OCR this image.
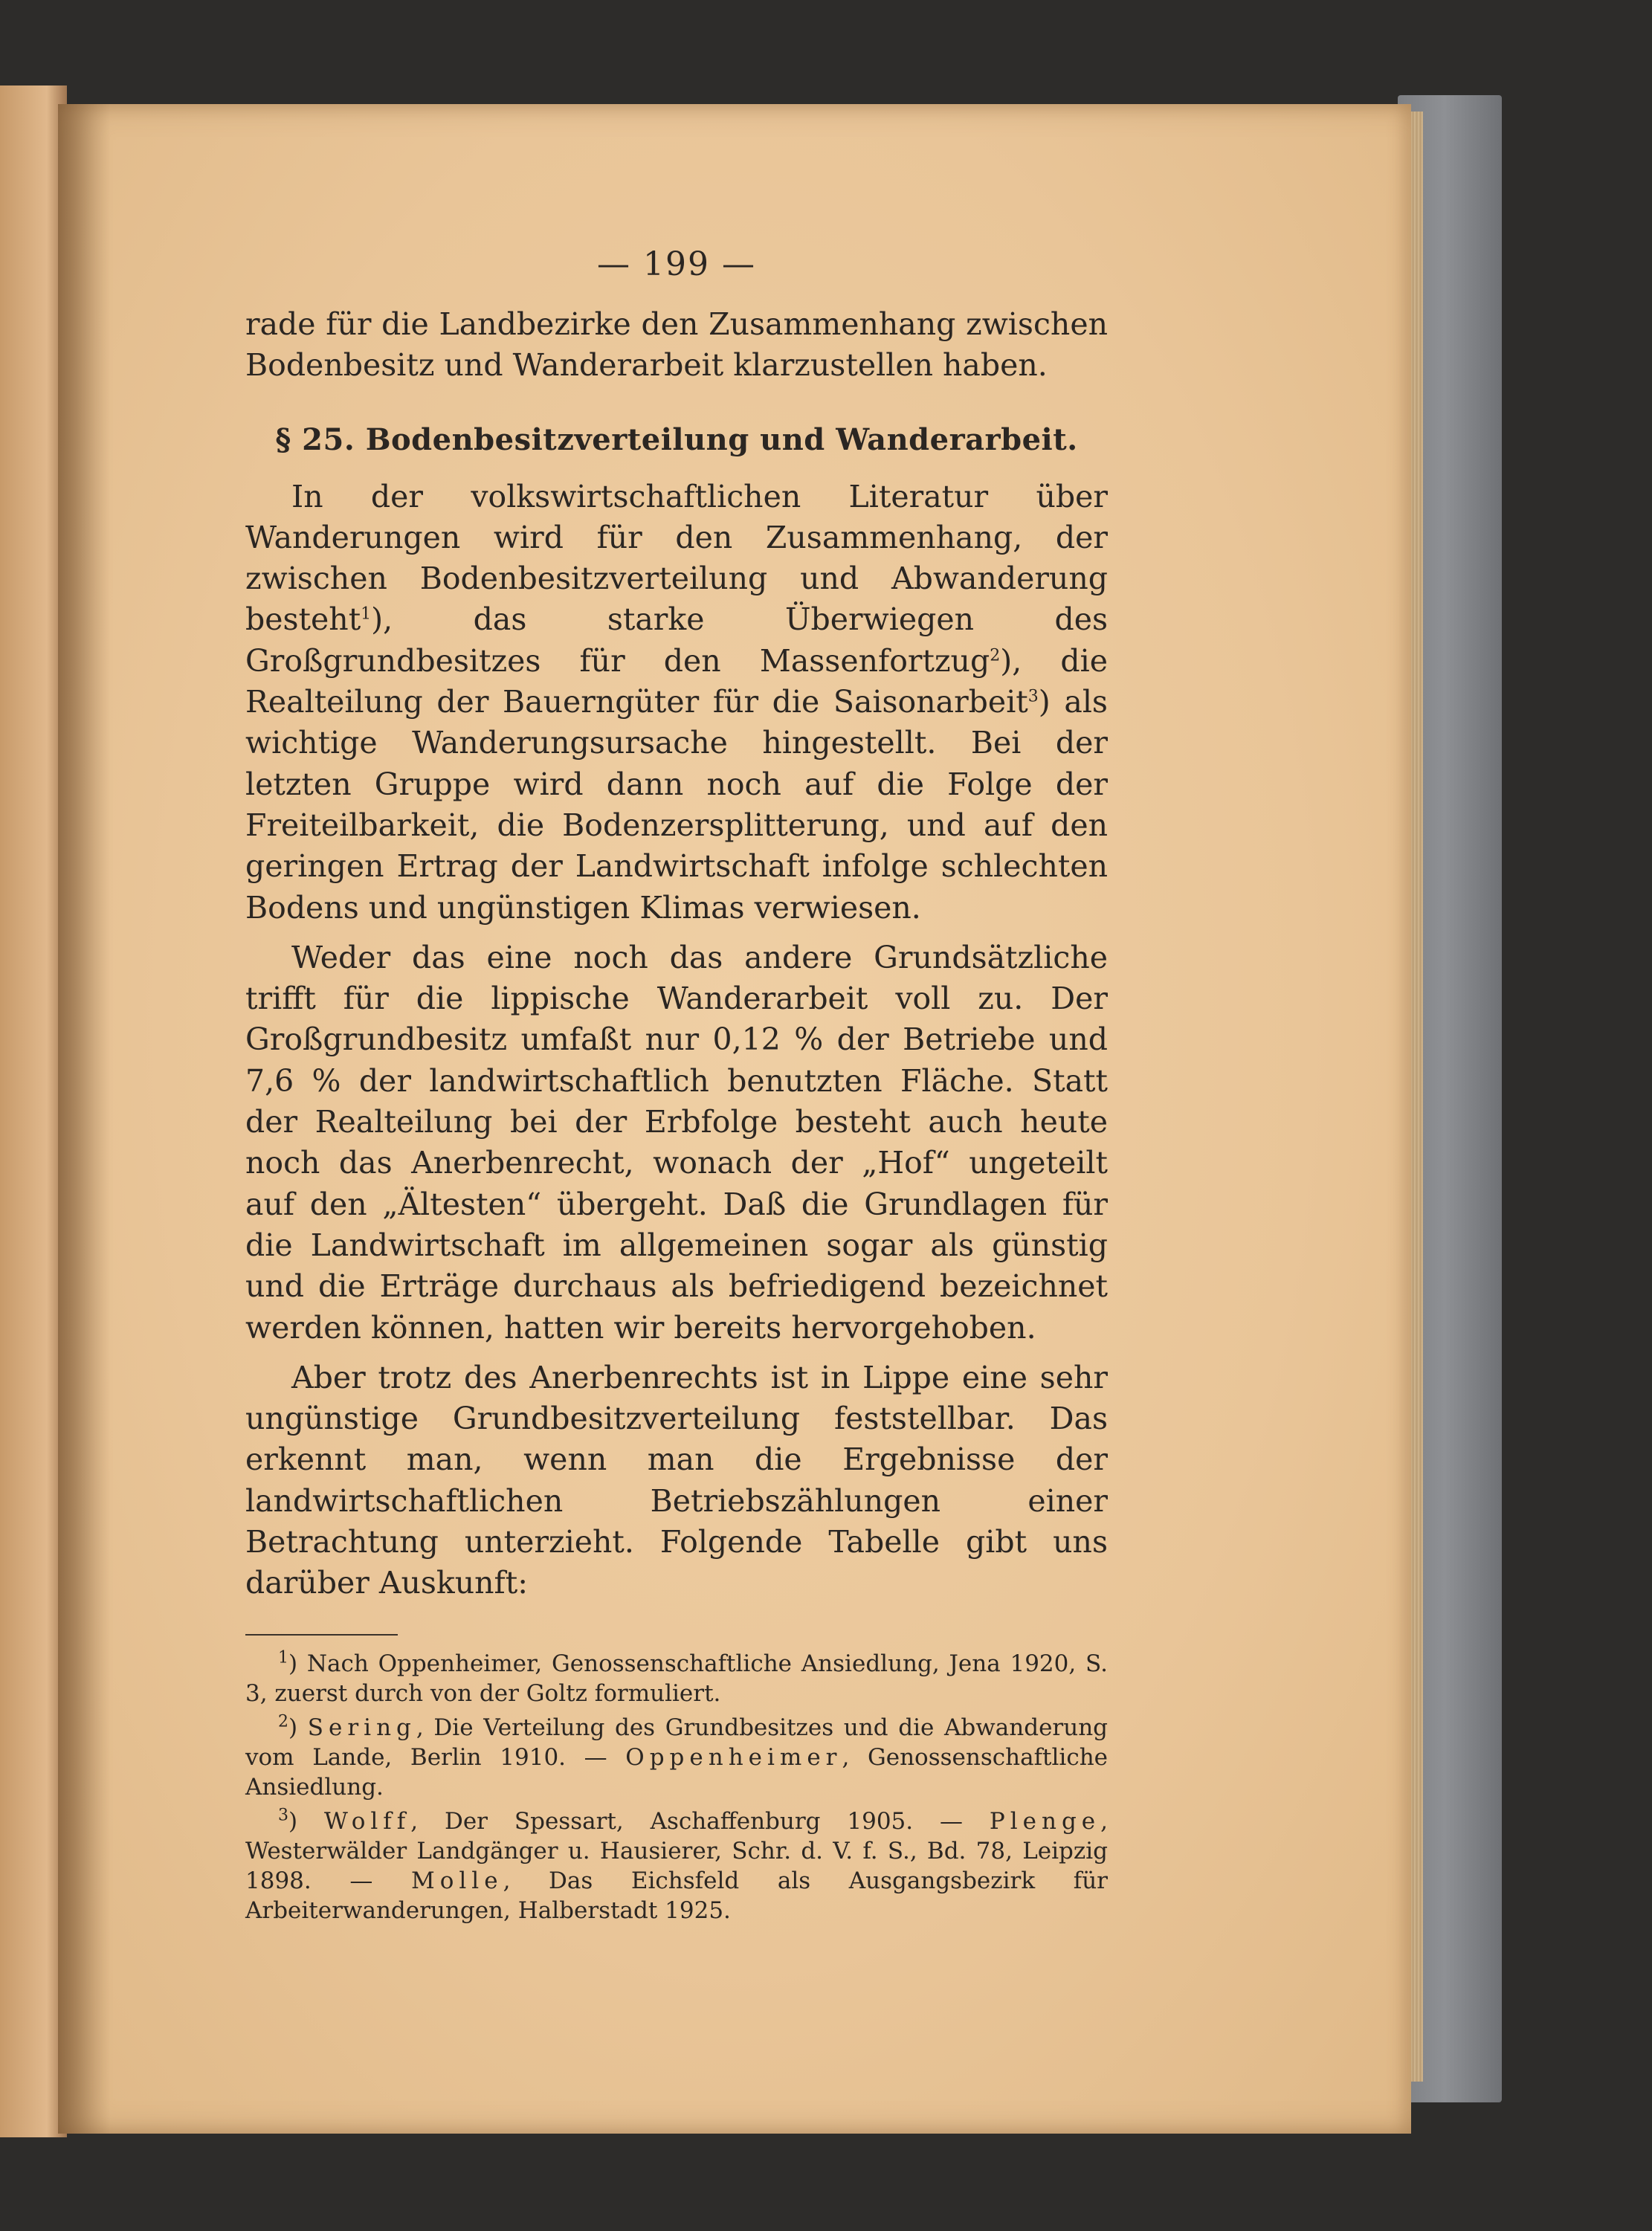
— 199 —

rade für die Landbezirke den Zusammenhang zwischen Bodenbesitz und Wanderarbeit klarzustellen haben.

§ 25. Bodenbesitzverteilung und Wanderarbeit.

In der volkswirtschaftlichen Literatur über Wanderungen wird für den Zusammenhang, der zwischen Bodenbesitzverteilung und Abwanderung besteht$^1$), das starke Überwiegen des Großgrundbesitzes für den Massenfortzug$^2$), die Realteilung der Bauerngüter für die Saisonarbeit$^3$) als wichtige Wanderungsursache hingestellt. Bei der letzten Gruppe wird dann noch auf die Folge der Freiteilbarkeit, die Bodenzersplitterung, und auf den geringen Ertrag der Landwirtschaft infolge schlechten Bodens und ungünstigen Klimas verwiesen.

Weder das eine noch das andere Grundsätzliche trifft für die lippische Wanderarbeit voll zu. Der Großgrundbesitz umfaßt nur 0,12 % der Betriebe und 7,6 % der landwirtschaftlich benutzten Fläche. Statt der Realteilung bei der Erbfolge besteht auch heute noch das Anerbenrecht, wonach der „Hof“ ungeteilt auf den „Ältesten“ übergeht. Daß die Grundlagen für die Landwirtschaft im allgemeinen sogar als günstig und die Erträge durchaus als befriedigend bezeichnet werden können, hatten wir bereits hervorgehoben.

Aber trotz des Anerbenrechts ist in Lippe eine sehr ungünstige Grundbesitzverteilung feststellbar. Das erkennt man, wenn man die Ergebnisse der landwirtschaftlichen Betriebszählungen einer Betrachtung unterzieht. Folgende Tabelle gibt uns darüber Auskunft:

$^1$) Nach Oppenheimer, Genossenschaftliche Ansiedlung, Jena 1920, S. 3, zuerst durch von der Goltz formuliert.

$^2$) Sering, Die Verteilung des Grundbesitzes und die Abwanderung vom Lande, Berlin 1910. — Oppenheimer, Genossenschaftliche Ansiedlung.

$^3$) Wolff, Der Spessart, Aschaffenburg 1905. — Plenge, Westerwälder Landgänger u. Hausierer, Schr. d. V. f. S., Bd. 78, Leipzig 1898. — Molle, Das Eichsfeld als Ausgangsbezirk für Arbeiterwanderungen, Halberstadt 1925.
